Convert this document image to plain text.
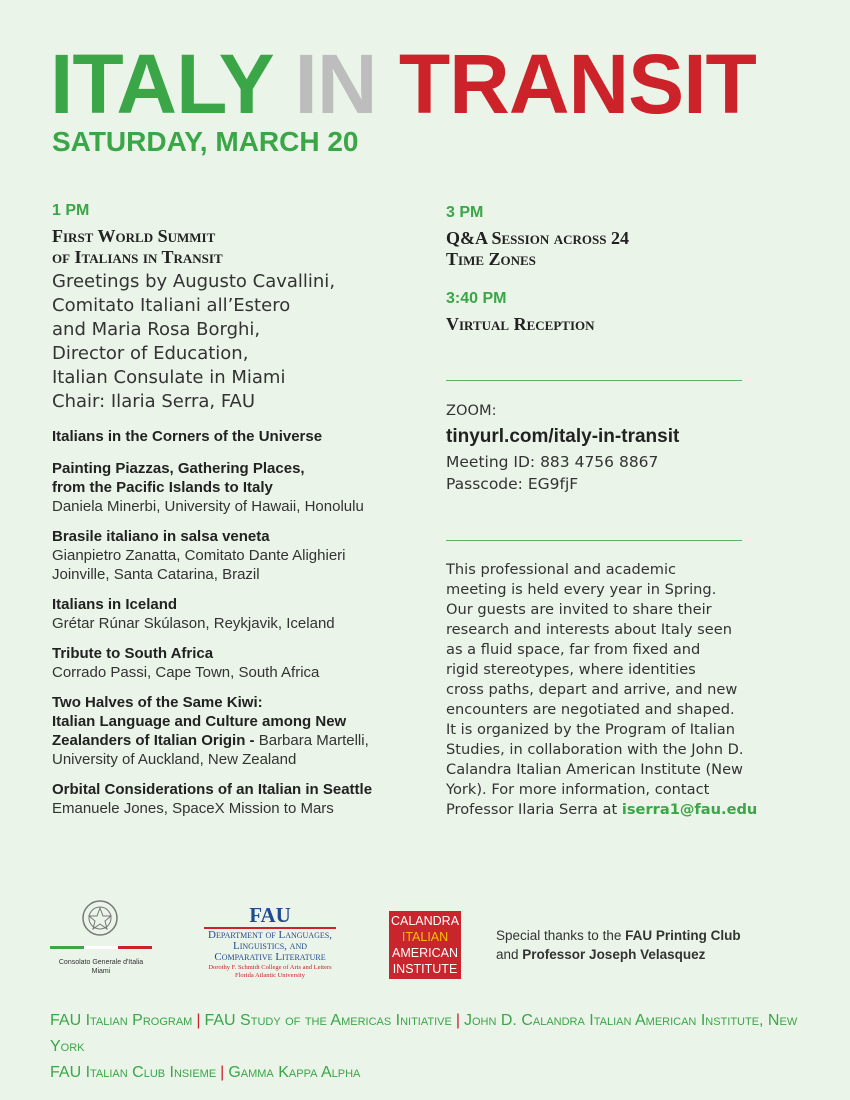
ITALY IN TRANSIT
SATURDAY, MARCH 20
1 PM
First World Summit
of Italians in Transit
Greetings by Augusto Cavallini,
Comitato Italiani all’Estero
and Maria Rosa Borghi,
Director of Education,
Italian Consulate in Miami
Chair: Ilaria Serra, FAU
Italians in the Corners of the Universe
Painting Piazzas, Gathering Places,
from the Pacific Islands to Italy
Daniela Minerbi, University of Hawaii, Honolulu
Brasile italiano in salsa veneta
Gianpietro Zanatta, Comitato Dante Alighieri
Joinville, Santa Catarina, Brazil
Italians in Iceland
Grétar Rúnar Skúlason, Reykjavik, Iceland
Tribute to South Africa
Corrado Passi, Cape Town, South Africa
Two Halves of the Same Kiwi:
Italian Language and Culture among New
Zealanders of Italian Origin - Barbara Martelli,
University of Auckland, New Zealand
Orbital Considerations of an Italian in Seattle
Emanuele Jones, SpaceX Mission to Mars
3 PM
Q&A Session across 24
Time Zones
3:40 PM
Virtual Reception
ZOOM:
tinyurl.com/italy-in-transit
Meeting ID: 883 4756 8867
Passcode: EG9fjF
This professional and academic
meeting is held every year in Spring.
Our guests are invited to share their
research and interests about Italy seen
as a fluid space, far from fixed and
rigid stereotypes, where identities
cross paths, depart and arrive, and new
encounters are negotiated and shaped.
It is organized by the Program of Italian
Studies, in collaboration with the John D.
Calandra Italian American Institute (New
York). For more information, contact
Professor Ilaria Serra at iserra1@fau.edu
Consolato Generale d'Italia
Miami
FAU
Department of Languages,
Linguistics, and
Comparative Literature
Dorothy F. Schmidt College of Arts and Letters
Florida Atlantic University
CALANDRA
ITALIAN
AMERICAN
INSTITUTE
Special thanks to the FAU Printing Club
and Professor Joseph Velasquez
FAU Italian Program | FAU Study of the Americas Initiative | John D. Calandra Italian American Institute, New York
FAU Italian Club Insieme | Gamma Kappa Alpha
